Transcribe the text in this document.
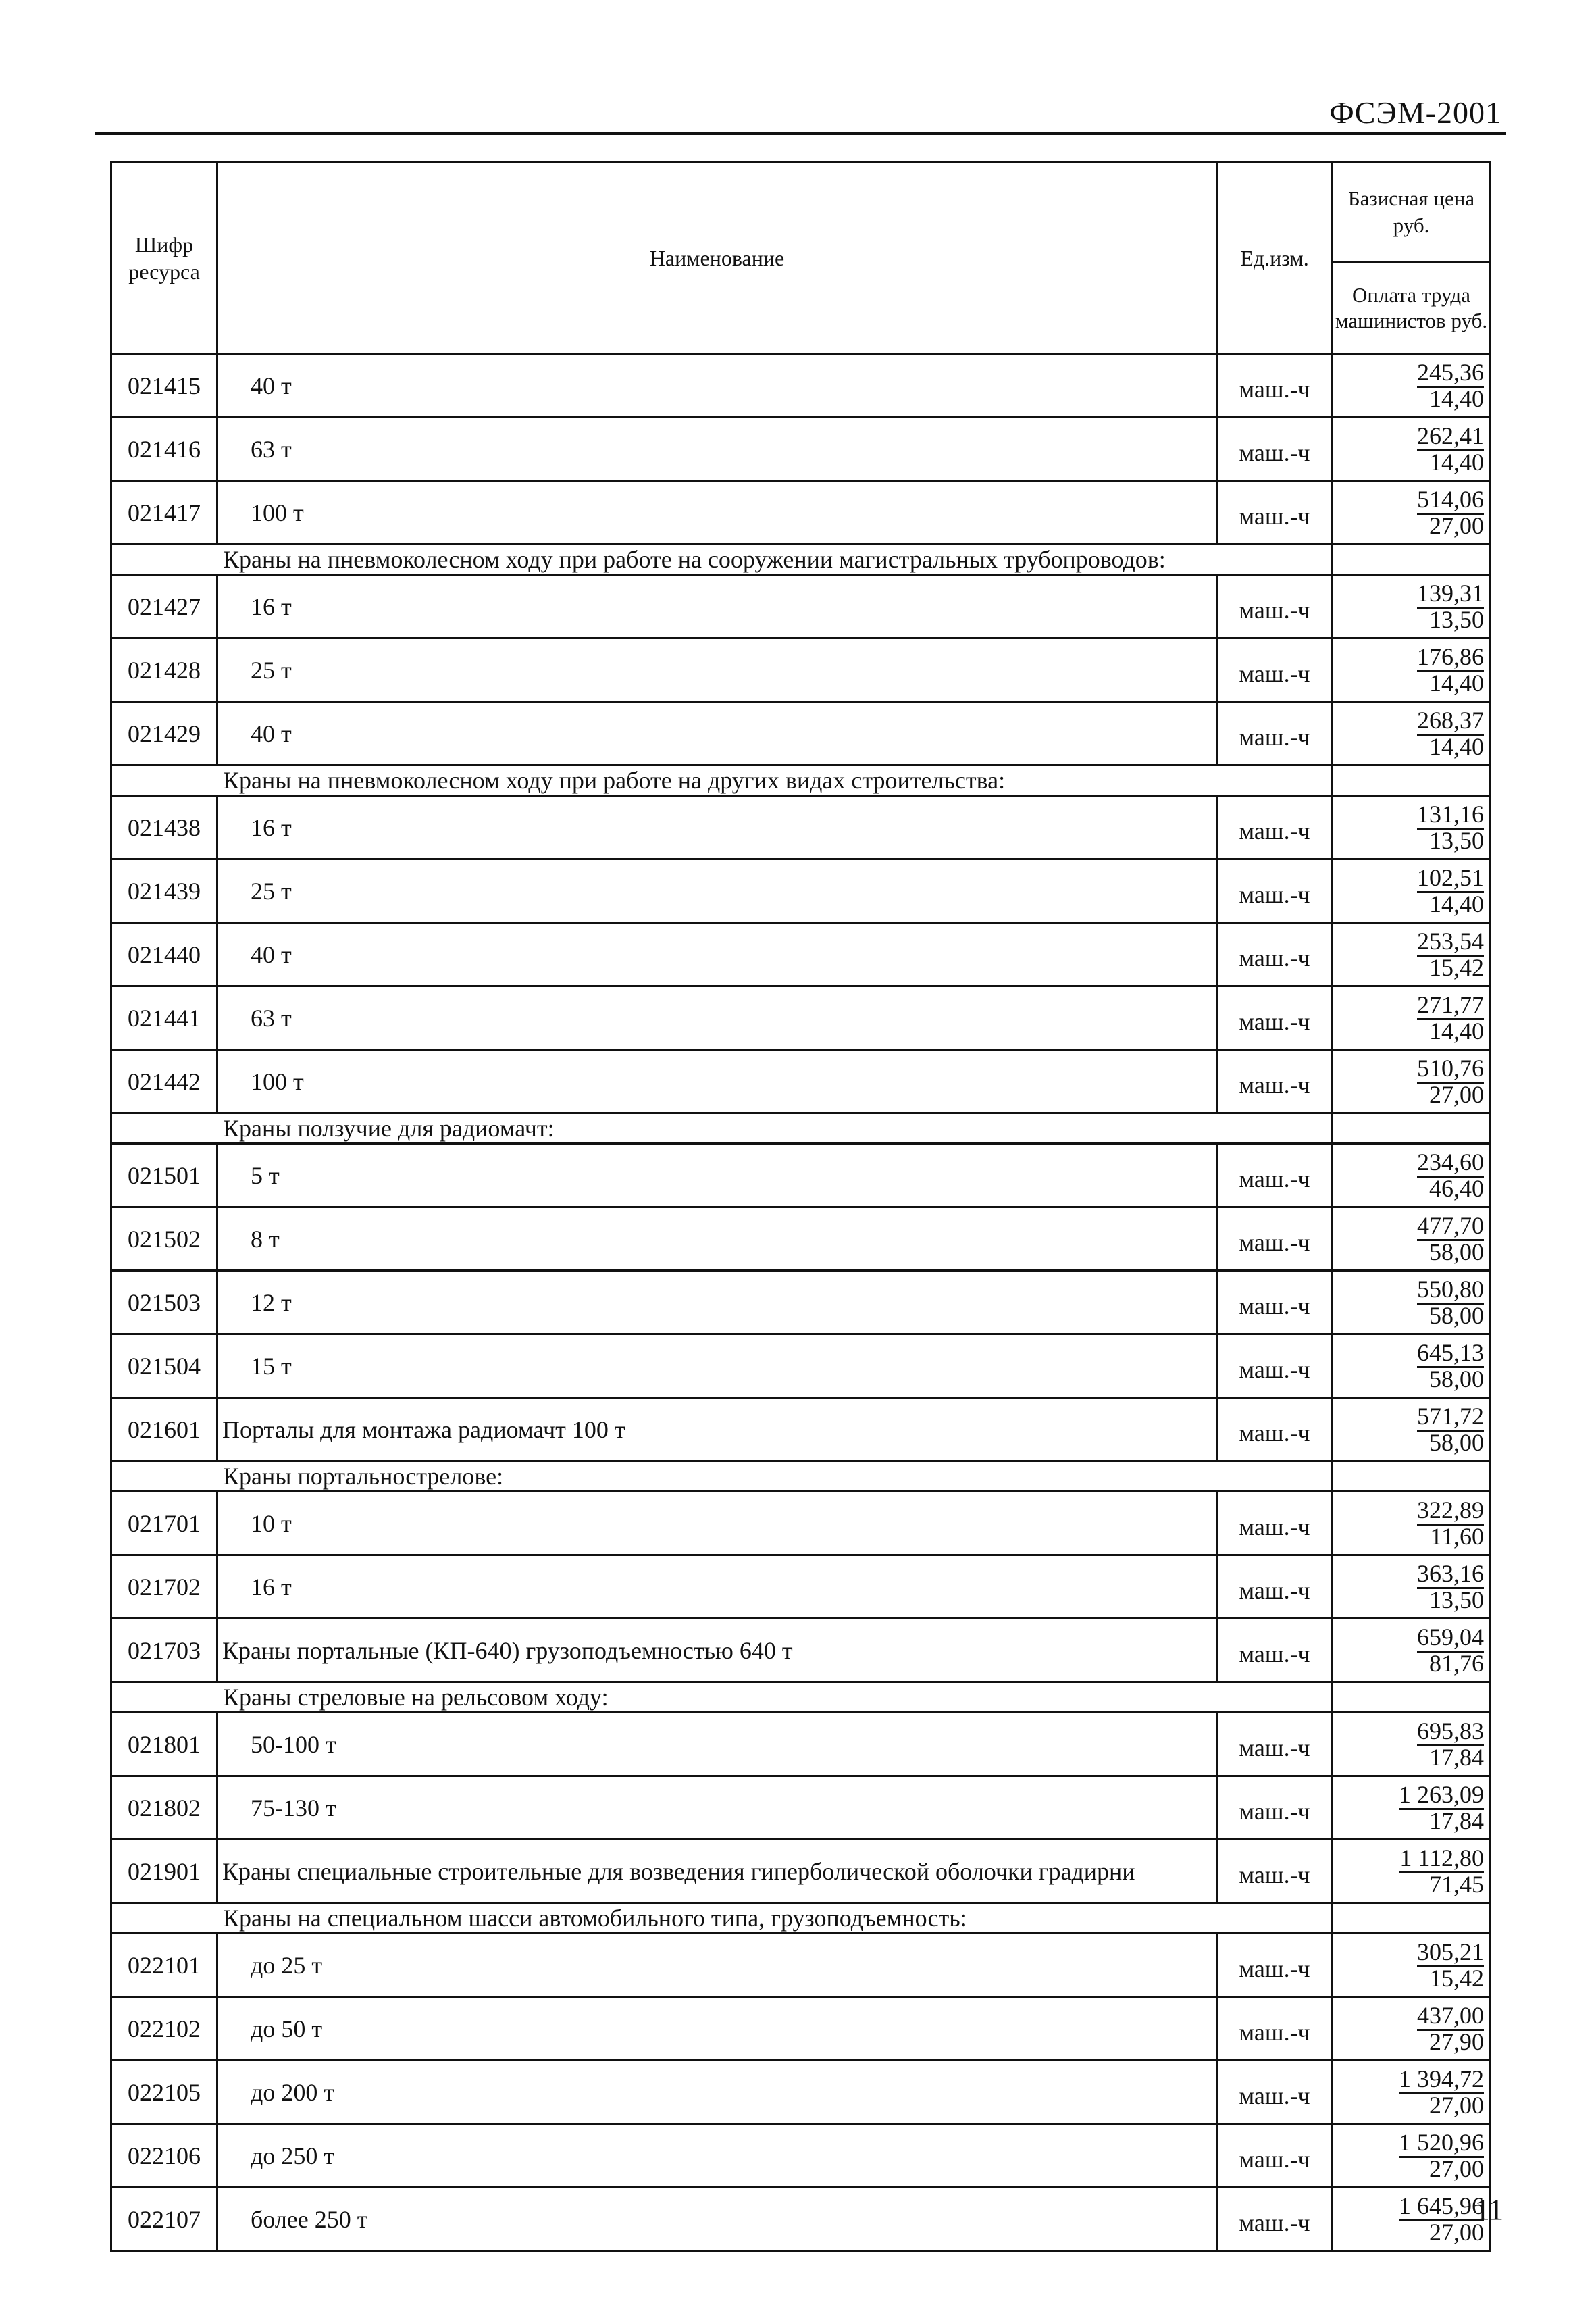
ФСЭМ-2001
Шифр ресурса	Наименование	Ед.изм.	Базисная цена руб.
			Оплата труда машинистов руб.
021415	40 т	маш.-ч	245,36
14,40

021416	63 т	маш.-ч	262,41
14,40

021417	100 т	маш.-ч	514,06
27,00

Краны на пневмоколесном ходу при работе на сооружении магистральных трубопроводов:			
021427	16 т	маш.-ч	139,31
13,50

021428	25 т	маш.-ч	176,86
14,40

021429	40 т	маш.-ч	268,37
14,40

Краны на пневмоколесном ходу при работе на других видах строительства:			
021438	16 т	маш.-ч	131,16
13,50

021439	25 т	маш.-ч	102,51
14,40

021440	40 т	маш.-ч	253,54
15,42

021441	63 т	маш.-ч	271,77
14,40

021442	100 т	маш.-ч	510,76
27,00

Краны ползучие для радиомачт:			
021501	5 т	маш.-ч	234,60
46,40

021502	8 т	маш.-ч	477,70
58,00

021503	12 т	маш.-ч	550,80
58,00

021504	15 т	маш.-ч	645,13
58,00

021601	Порталы для монтажа радиомачт 100 т	маш.-ч	571,72
58,00

Краны портальнострелове:			
021701	10 т	маш.-ч	322,89
11,60

021702	16 т	маш.-ч	363,16
13,50

021703	Краны портальные (КП-640) грузоподъемностью 640 т	маш.-ч	659,04
81,76

Краны стреловые на рельсовом ходу:			
021801	50-100 т	маш.-ч	695,83
17,84

021802	75-130 т	маш.-ч	1 263,09
17,84

021901	Краны специальные строительные для возведения гиперболической оболочки градирни	маш.-ч	1 112,80
71,45

Краны на специальном шасси автомобильного типа, грузоподъемность:			
022101	до 25 т	маш.-ч	305,21
15,42

022102	до 50 т	маш.-ч	437,00
27,90

022105	до 200 т	маш.-ч	1 394,72
27,00

022106	до 250 т	маш.-ч	1 520,96
27,00

022107	более 250 т	маш.-ч	1 645,96
27,00
11
